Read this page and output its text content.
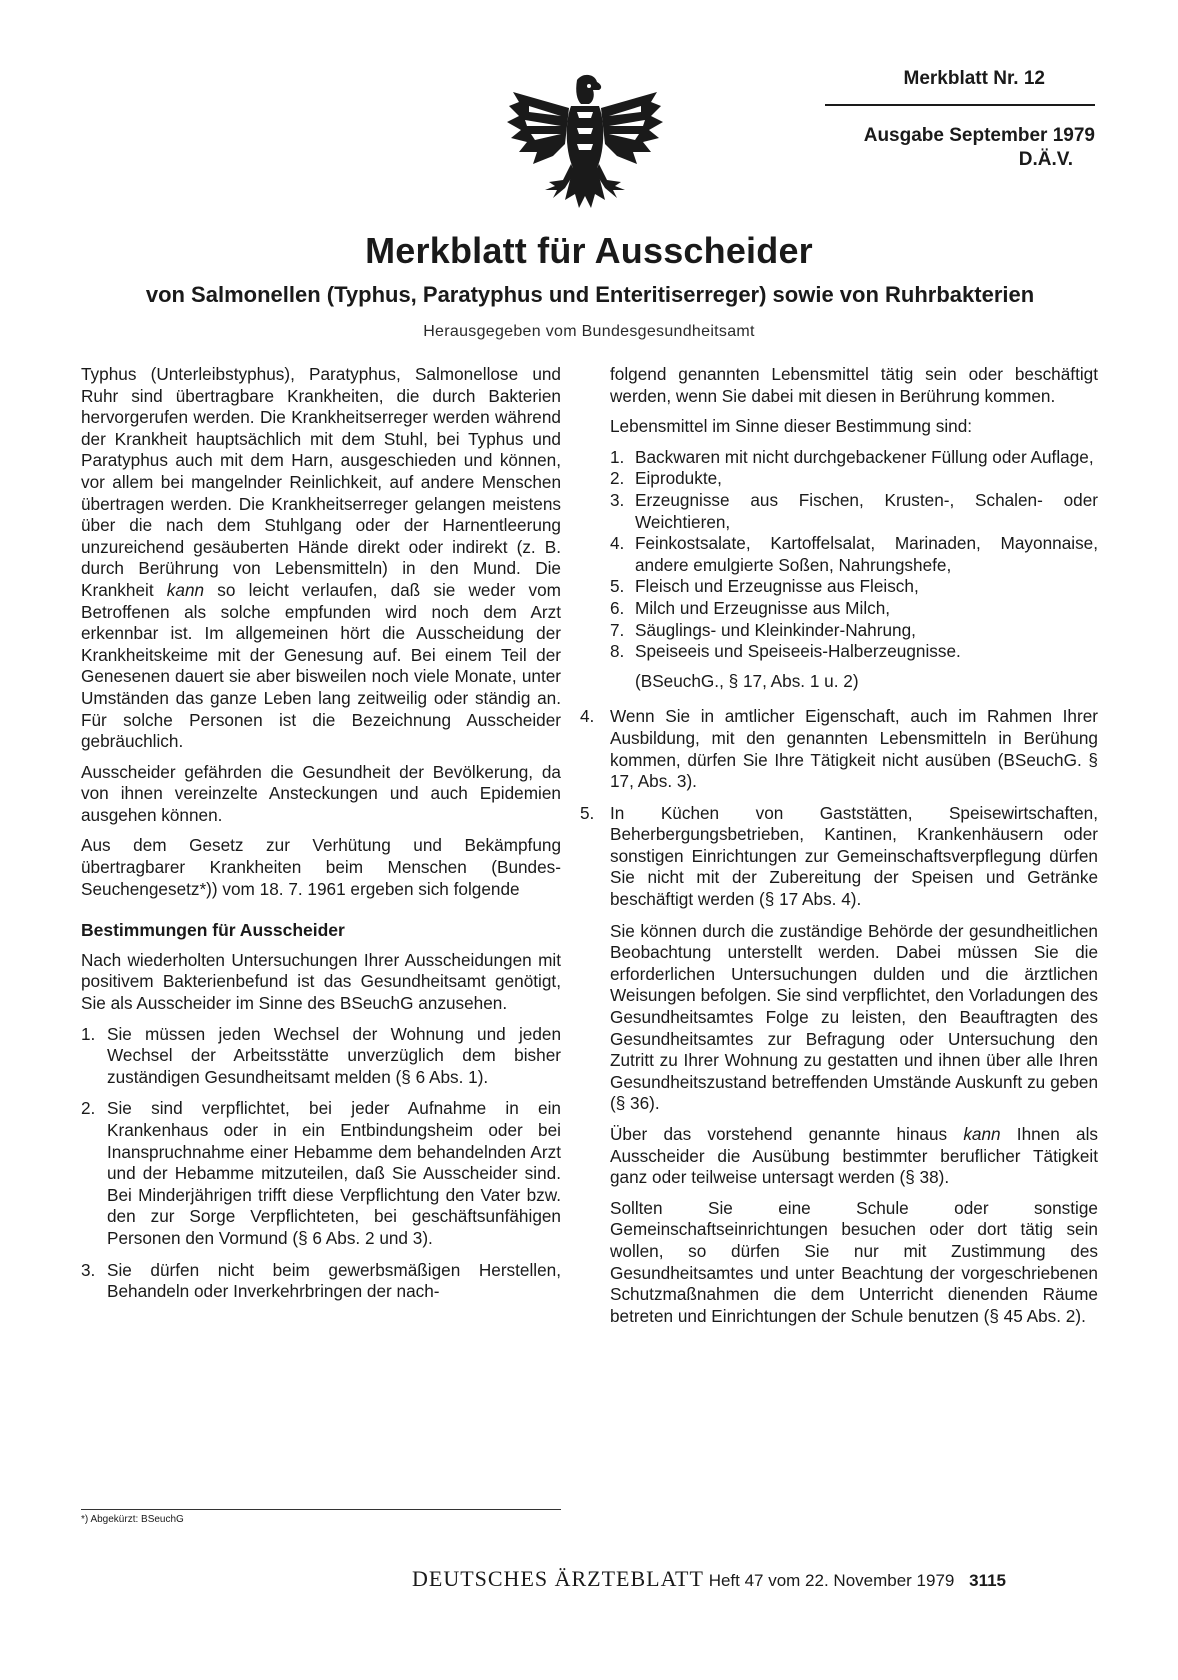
Merkblatt Nr. 12
Ausgabe September 1979
D.Ä.V.
Merkblatt für Ausscheider
von Salmonellen (Typhus, Paratyphus und Enteritiserreger) sowie von Ruhrbakterien
Herausgegeben vom Bundesgesundheitsamt

Typhus (Unterleibstyphus), Paratyphus, Salmonellose und Ruhr sind übertragbare Krankheiten, die durch Bakterien hervorgerufen werden. Die Krankheitserreger werden während der Krankheit hauptsächlich mit dem Stuhl, bei Typhus und Paratyphus auch mit dem Harn, ausgeschieden und können, vor allem bei mangelnder Reinlichkeit, auf andere Menschen übertragen werden. Die Krankheitserreger gelangen meistens über die nach dem Stuhlgang oder der Harnentleerung unzureichend gesäuberten Hände direkt oder indirekt (z. B. durch Berührung von Lebensmitteln) in den Mund. Die Krankheit kann so leicht verlaufen, daß sie weder vom Betroffenen als solche empfunden wird noch dem Arzt erkennbar ist. Im allgemeinen hört die Ausscheidung der Krankheitskeime mit der Genesung auf. Bei einem Teil der Genesenen dauert sie aber bisweilen noch viele Monate, unter Umständen das ganze Leben lang zeitweilig oder ständig an. Für solche Personen ist die Bezeichnung Ausscheider gebräuchlich.

Ausscheider gefährden die Gesundheit der Bevölkerung, da von ihnen vereinzelte Ansteckungen und auch Epidemien ausgehen können.

Aus dem Gesetz zur Verhütung und Bekämpfung übertragbarer Krankheiten beim Menschen (Bundes-Seuchengesetz*)) vom 18. 7. 1961 ergeben sich folgende

Bestimmungen für Ausscheider

Nach wiederholten Untersuchungen Ihrer Ausscheidungen mit positivem Bakterienbefund ist das Gesundheitsamt genötigt, Sie als Ausscheider im Sinne des BSeuchG anzusehen.

1. Sie müssen jeden Wechsel der Wohnung und jeden Wechsel der Arbeitsstätte unverzüglich dem bisher zuständigen Gesundheitsamt melden (§ 6 Abs. 1).
2. Sie sind verpflichtet, bei jeder Aufnahme in ein Krankenhaus oder in ein Entbindungsheim oder bei Inanspruchnahme einer Hebamme dem behandelnden Arzt und der Hebamme mitzuteilen, daß Sie Ausscheider sind. Bei Minderjährigen trifft diese Verpflichtung den Vater bzw. den zur Sorge Verpflichteten, bei geschäftsunfähigen Personen den Vormund (§ 6 Abs. 2 und 3).
3. Sie dürfen nicht beim gewerbsmäßigen Herstellen, Behandeln oder Inverkehrbringen der nach-
*) Abgekürzt: BSeuchG

folgend genannten Lebensmittel tätig sein oder beschäftigt werden, wenn Sie dabei mit diesen in Berührung kommen.

Lebensmittel im Sinne dieser Bestimmung sind:

1. Backwaren mit nicht durchgebackener Füllung oder Auflage,
2. Eiprodukte,
3. Erzeugnisse aus Fischen, Krusten-, Schalen- oder Weichtieren,
4. Feinkostsalate, Kartoffelsalat, Marinaden, Mayonnaise, andere emulgierte Soßen, Nahrungshefe,
5. Fleisch und Erzeugnisse aus Fleisch,
6. Milch und Erzeugnisse aus Milch,
7. Säuglings- und Kleinkinder-Nahrung,
8. Speiseeis und Speiseeis-Halberzeugnisse.
(BSeuchG., § 17, Abs. 1 u. 2)
4. Wenn Sie in amtlicher Eigenschaft, auch im Rahmen Ihrer Ausbildung, mit den genannten Lebensmitteln in Berühung kommen, dürfen Sie Ihre Tätigkeit nicht ausüben (BSeuchG. § 17, Abs. 3).
5. In Küchen von Gaststätten, Speisewirtschaften, Beherbergungsbetrieben, Kantinen, Krankenhäusern oder sonstigen Einrichtungen zur Gemeinschaftsverpflegung dürfen Sie nicht mit der Zubereitung der Speisen und Getränke beschäftigt werden (§ 17 Abs. 4).

Sie können durch die zuständige Behörde der gesundheitlichen Beobachtung unterstellt werden. Dabei müssen Sie die erforderlichen Untersuchungen dulden und die ärztlichen Weisungen befolgen. Sie sind verpflichtet, den Vorladungen des Gesundheitsamtes Folge zu leisten, den Beauftragten des Gesundheitsamtes zur Befragung oder Untersuchung den Zutritt zu Ihrer Wohnung zu gestatten und ihnen über alle Ihren Gesundheitszustand betreffenden Umstände Auskunft zu geben (§ 36).

Über das vorstehend genannte hinaus kann Ihnen als Ausscheider die Ausübung bestimmter beruflicher Tätigkeit ganz oder teilweise untersagt werden (§ 38).

Sollten Sie eine Schule oder sonstige Gemeinschaftseinrichtungen besuchen oder dort tätig sein wollen, so dürfen Sie nur mit Zustimmung des Gesundheitsamtes und unter Beachtung der vorgeschriebenen Schutzmaßnahmen die dem Unterricht dienenden Räume betreten und Einrichtungen der Schule benutzen (§ 45 Abs. 2).

DEUTSCHES ÄRZTEBLATT Heft 47 vom 22. November 1979 3115
